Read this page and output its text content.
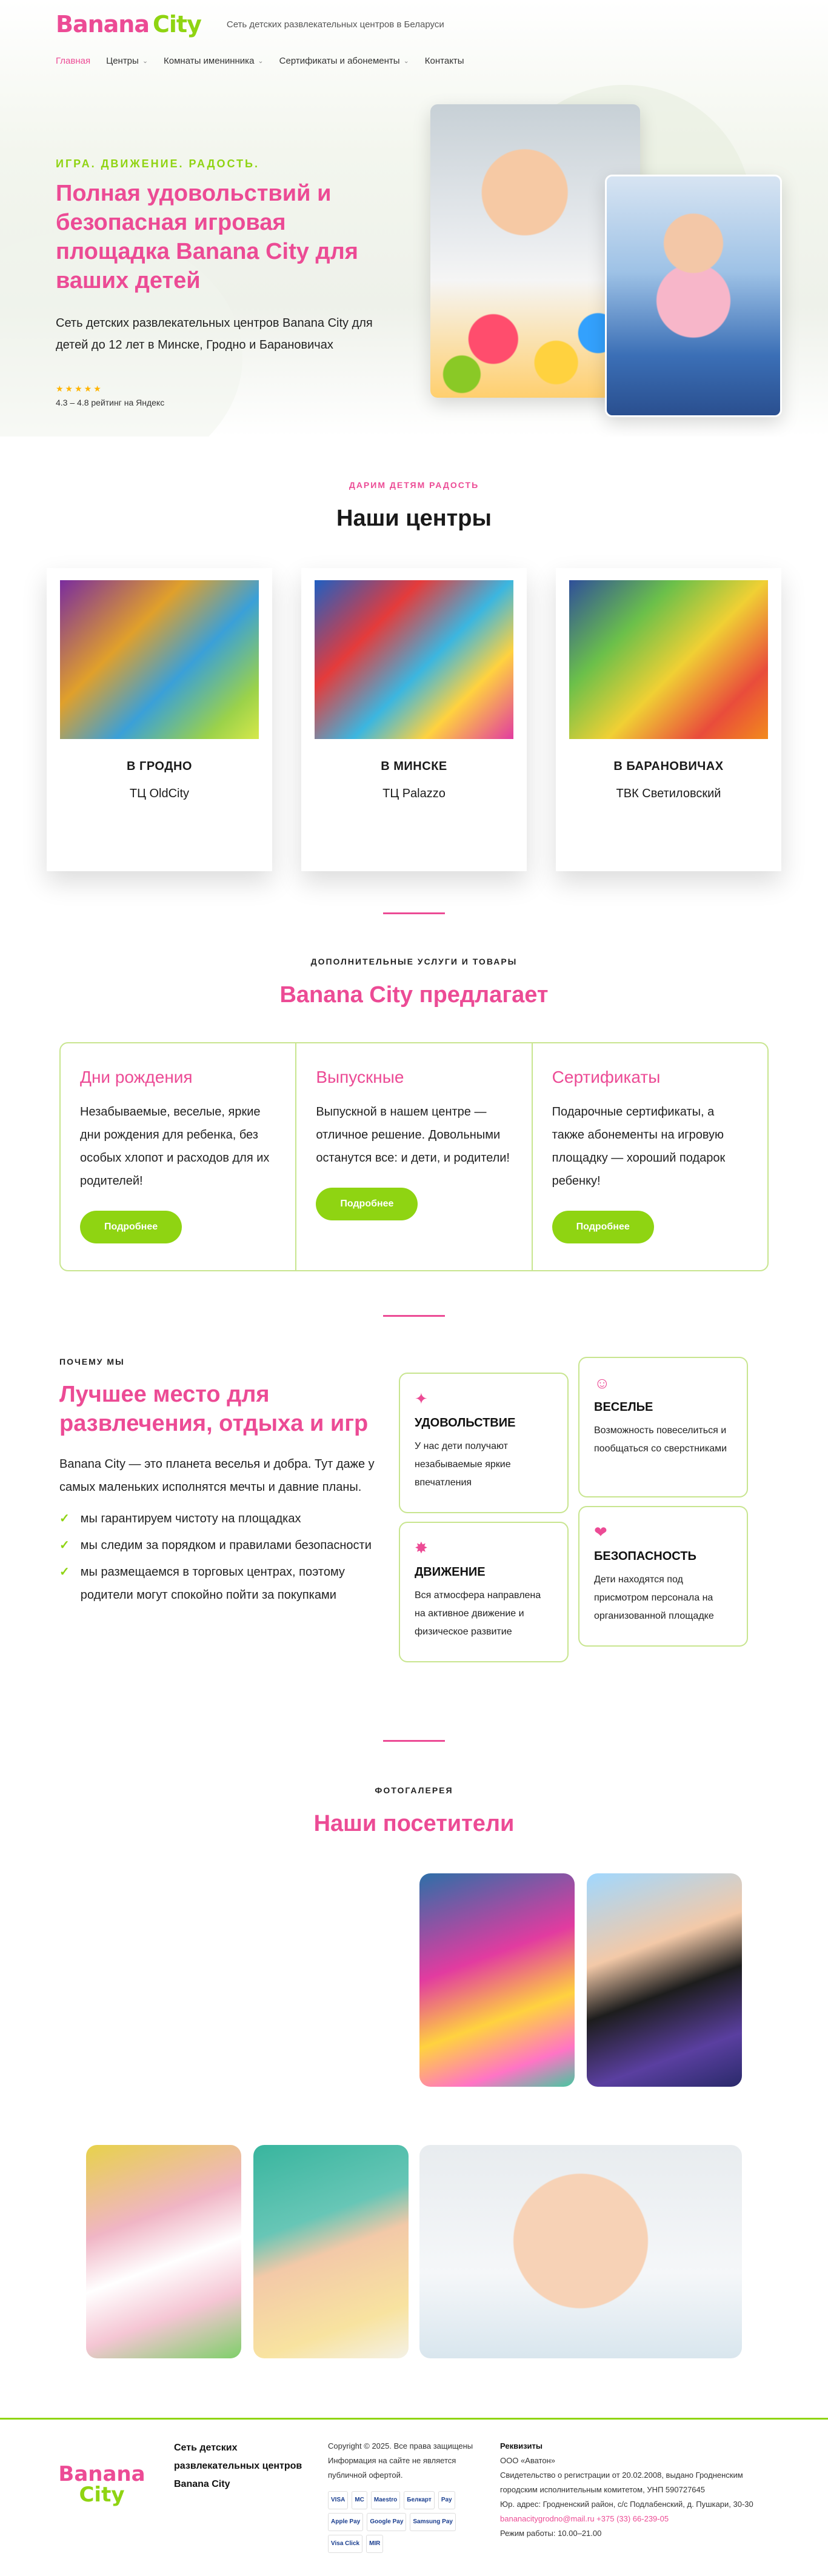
Banana City	Сеть детских развлекательных центров в Беларуси
Главная Центры ⌄ Комнаты именинника ⌄ Сертификаты и абонементы ⌄ Контакты
ИГРА. ДВИЖЕНИЕ. РАДОСТЬ.
Полная удовольствий и безопасная игровая площадка Banana City для ваших детей

Сеть детских развлекательных центров Banana City для детей до 12 лет в Минске, Гродно и Барановичах

★★★★★
4.3 – 4.8 рейтинг на Яндекс
ДАРИМ ДЕТЯМ РАДОСТЬ
Наши центры
В ГРОДНО
ТЦ OldCity
В МИНСКЕ
ТЦ Palazzo
В БАРАНОВИЧАХ
ТВК Светиловский
ДОПОЛНИТЕЛЬНЫЕ УСЛУГИ И ТОВАРЫ
Banana City предлагает
Дни рождения
Незабываемые, веселые, яркие дни рождения для ребенка, без особых хлопот и расходов для их родителей!
Подробнее
Выпускные
Выпускной в нашем центре — отличное решение. Довольными останутся все: и дети, и родители!
Подробнее
Сертификаты
Подарочные сертификаты, а также абонементы на игровую площадку — хороший подарок ребенку!
Подробнее
ПОЧЕМУ МЫ
Лучшее место для развлечения, отдыха и игр

Banana City — это планета веселья и добра. Тут даже у самых маленьких исполнятся мечты и давние планы.

✓ мы гарантируем чистоту на площадках
✓ мы следим за порядком и правилами безопасности
✓ мы размещаемся в торговых центрах, поэтому родители могут спокойно пойти за покупками
✦
УДОВОЛЬСТВИЕ
У нас дети получают незабываемые яркие впечатления
☺
ВЕСЕЛЬЕ
Возможность повеселиться и пообщаться со сверстниками
✸
ДВИЖЕНИЕ
Вся атмосфера направлена на активное движение и физическое развитие
❤
БЕЗОПАСНОСТЬ
Дети находятся под присмотром персонала на организованной площадке
ФОТОГАЛЕРЕЯ
Наши посетители
Banana
City
Сеть детских развлекательных центров Banana City
Copyright © 2025. Все права защищены
Информация на сайте не является публичной офертой.
VISA	MC	Maestro	Белкарт	Pay
Apple Pay	Google Pay	Samsung Pay
Visa Click	MIR
Реквизиты
ООО «Аватон»
Свидетельство о регистрации от 20.02.2008, выдано Гродненским городским исполнительным комитетом, УНП 590727645
Юр. адрес: Гродненский район, с/с Подлабенский, д. Пушкари, 30-30
bananacitygrodno@mail.ru +375 (33) 66-239-05
Режим работы: 10.00–21.00
